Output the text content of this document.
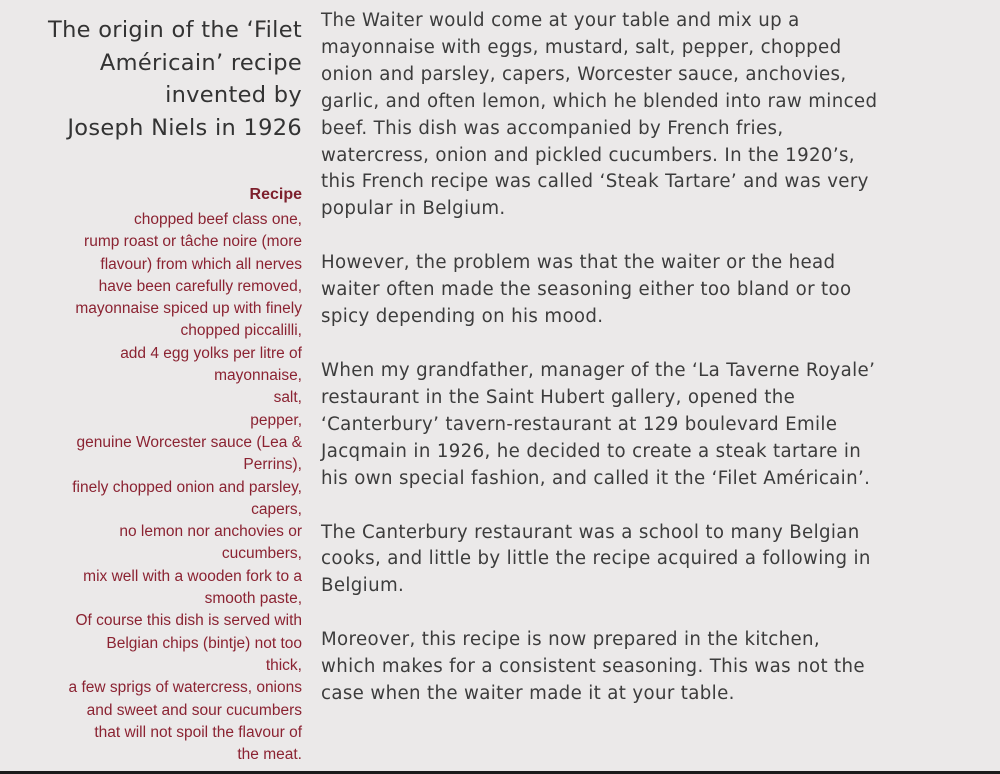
The origin of the ‘Filet
Américain’ recipe
invented by
Joseph Niels in 1926
Recipe
chopped beef class one,
rump roast or tâche noire (more
flavour) from which all nerves
have been carefully removed,
mayonnaise spiced up with finely
chopped piccalilli,
add 4 egg yolks per litre of
mayonnaise,
salt,
pepper,
genuine Worcester sauce (Lea &
Perrins),
finely chopped onion and parsley,
capers,
no lemon nor anchovies or
cucumbers,
mix well with a wooden fork to a
smooth paste,
Of course this dish is served with
Belgian chips (bintje) not too
thick,
a few sprigs of watercress, onions
and sweet and sour cucumbers
that will not spoil the flavour of
the meat.

The Waiter would come at your table and mix up a
mayonnaise with eggs, mustard, salt, pepper, chopped
onion and parsley, capers, Worcester sauce, anchovies,
garlic, and often lemon, which he blended into raw minced
beef. This dish was accompanied by French fries,
watercress, onion and pickled cucumbers. In the 1920’s,
this French recipe was called ‘Steak Tartare’ and was very
popular in Belgium.

However, the problem was that the waiter or the head
waiter often made the seasoning either too bland or too
spicy depending on his mood.

When my grandfather, manager of the ‘La Taverne Royale’
restaurant in the Saint Hubert gallery, opened the
‘Canterbury’ tavern-restaurant at 129 boulevard Emile
Jacqmain in 1926, he decided to create a steak tartare in
his own special fashion, and called it the ‘Filet Américain’.

The Canterbury restaurant was a school to many Belgian
cooks, and little by little the recipe acquired a following in
Belgium.

Moreover, this recipe is now prepared in the kitchen,
which makes for a consistent seasoning. This was not the
case when the waiter made it at your table.
